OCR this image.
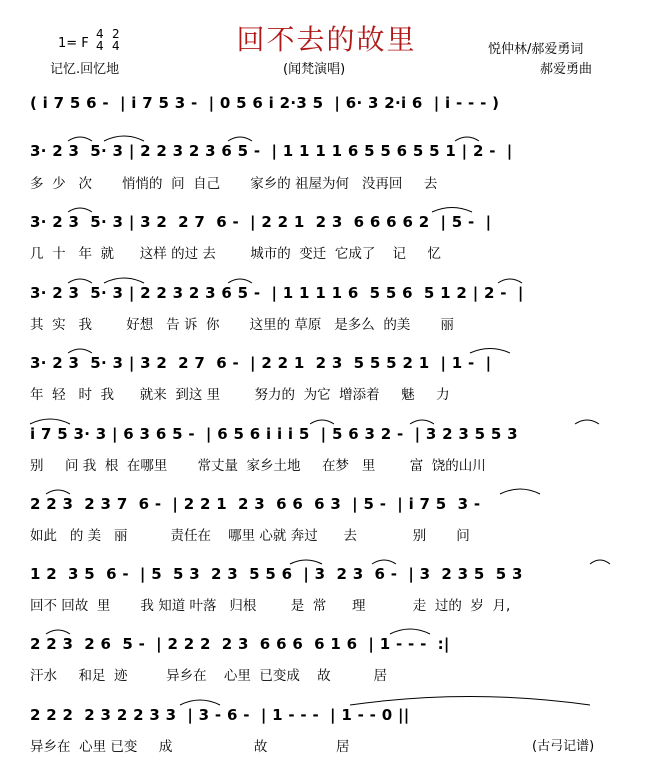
回不去的故里
1= F
4
4
2
4
记忆.回忆地	(闻梵演唱)
悦仲林/郝爱勇词
郝爱勇曲
( i 7 5 6 -  | i 7 5 3 -  | 0 5 6 i 2·3 5  | 6· 3 2·i 6  | i - - - )
3· 2 3  5· 3 | 2 2 3 2 3 6 5 -  | 1 1 1 1 6 5 5 6 5 5 1 | 2 -  |
多  少   次       悄悄的  问  自己       家乡的 祖屋为何   没再回     去
3· 2 3  5· 3 | 3 2  2 7  6 -  | 2 2 1  2 3  6 6 6 6 2  | 5 -  |
几  十   年  就      这样 的过 去        城市的  变迁  它成了    记     忆
3· 2 3  5· 3 | 2 2 3 2 3 6 5 -  | 1 1 1 1 6  5 5 6  5 1 2 | 2 -  |
其  实   我        好想   告 诉  你       这里的 草原   是多么  的美       丽
3· 2 3  5· 3 | 3 2  2 7  6 -  | 2 2 1  2 3  5 5 5 2 1  | 1 -  |
年  轻   时  我      就来  到这 里        努力的  为它  增添着     魅     力
i 7 5 3· 3 | 6 3 6 5 -  | 6 5 6 i i i 5  | 5 6 3 2 -  | 3 2 3 5 5 3
别     问 我  根  在哪里       常丈量  家乡土地     在梦   里        富  饶的山川
2 2 3  2 3 7  6 -  | 2 2 1  2 3  6 6  6 3  | 5 -  | i 7 5  3 -
如此   的 美   丽          责任在    哪里 心就 奔过      去             别       问
1 2  3 5  6 -  | 5  5 3  2 3  5 5 6  | 3  2 3  6 -  | 3  2 3 5  5 3
回不 回故  里       我 知道 叶落   归根        是  常      理           走  过的  岁  月,
2 2 3  2 6  5 -  | 2 2 2  2 3  6 6 6  6 1 6  | 1 - - -  :|
汗水     和足  迹         异乡在    心里  已变成    故          居
2 2 2  2 3 2 2 3 3  | 3 - 6 -  | 1 - - -  | 1 - - 0 ||
异乡在  心里 已变     成                   故                居	(古弓记谱)
